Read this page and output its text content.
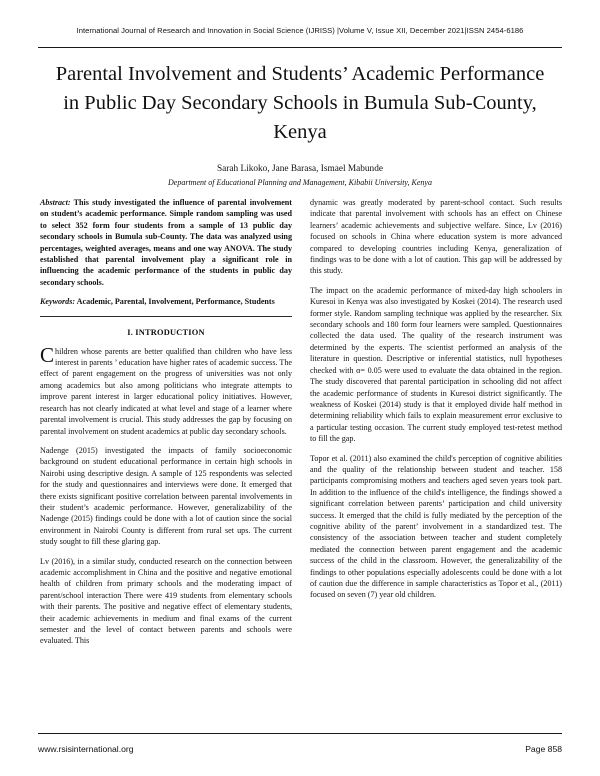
International Journal of Research and Innovation in Social Science (IJRISS) |Volume V, Issue XII, December 2021|ISSN 2454-6186
Parental Involvement and Students’ Academic Performance in Public Day Secondary Schools in Bumula Sub-County, Kenya
Sarah Likoko, Jane Barasa, Ismael Mabunde
Department of Educational Planning and Management, Kibabii University, Kenya

Abstract: This study investigated the influence of parental involvement on student’s academic performance. Simple random sampling was used to select 352 form four students from a sample of 13 public day secondary schools in Bumula sub-County. The data was analyzed using percentages, weighted averages, means and one way ANOVA. The study established that parental involvement play a significant role in influencing the academic performance of the students in public day secondary schools.

Keywords: Academic, Parental, Involvement, Performance, Students

I. INTRODUCTION

Children whose parents are better qualified than children who have less interest in parents ’ education have higher rates of academic success. The effect of parent engagement on the progress of universities was not only among academics but also among politicians who integrate attempts to improve parent interest in larger educational policy initiatives. However, research has not clearly indicated at what level and stage of a learner where parental involvement is crucial. This study addresses the gap by focusing on parental involvement on student academics at public day secondary schools.

Nadenge (2015) investigated the impacts of family socioeconomic background on student educational performance in certain high schools in Nairobi using descriptive design. A sample of 125 respondents was selected for the study and questionnaires and interviews were done. It emerged that there exists significant positive correlation between parental involvements in their student’s academic performance. However, generalizability of the Nadenge (2015) findings could be done with a lot of caution since the social environment in Nairobi County is different from rural set ups. The current study sought to fill these glaring gap.

Lv (2016), in a similar study, conducted research on the connection between academic accomplishment in China and the positive and negative emotional health of children from primary schools and the moderating impact of parent/school interaction There were 419 students from elementary schools with their parents. The positive and negative effect of elementary students, their academic achievements in medium and final exams of the current semester and the level of contact between parents and schools were evaluated. This

dynamic was greatly moderated by parent-school contact. Such results indicate that parental involvement with schools has an effect on Chinese learners’ academic achievements and subjective welfare. Since, Lv (2016) focused on schools in China where education system is more advanced compared to developing countries including Kenya, generalization of findings was to be done with a lot of caution. This gap will be addressed by this study.

The impact on the academic performance of mixed-day high schoolers in Kuresoi in Kenya was also investigated by Koskei (2014). The research used former style. Random sampling technique was applied by the researcher. Six secondary schools and 180 form four learners were sampled. Questionnaires collected the data used. The quality of the research instrument was determined by the experts. The scientist performed an analysis of the literature in question. Descriptive or inferential statistics, null hypotheses checked with α= 0.05 were used to evaluate the data obtained in the region. The study discovered that parental participation in schooling did not affect the academic performance of students in Kuresoi district significantly. The weakness of Koskei (2014) study is that it employed divide half method in determining reliability which fails to explain measurement error exclusive to a particular testing occasion. The current study employed test-retest method to fill the gap.

Topor et al. (2011) also examined the child's perception of cognitive abilities and the quality of the relationship between student and teacher. 158 participants compromising mothers and teachers aged seven years took part. In addition to the influence of the child's intelligence, the findings showed a significant correlation between parents’ participation and child university success. It emerged that the child is fully mediated by the perception of the cognitive ability of the parent’ involvement in a standardized test. The consistency of the association between teacher and student completely mediated the connection between parent engagement and the academic success of the child in the classroom. However, the generalizability of the findings to other populations especially adolescents could be done with a lot of caution due the difference in sample characteristics as Topor et al., (2011) focused on seven (7) year old children.

www.rsisinternational.org	Page 858
